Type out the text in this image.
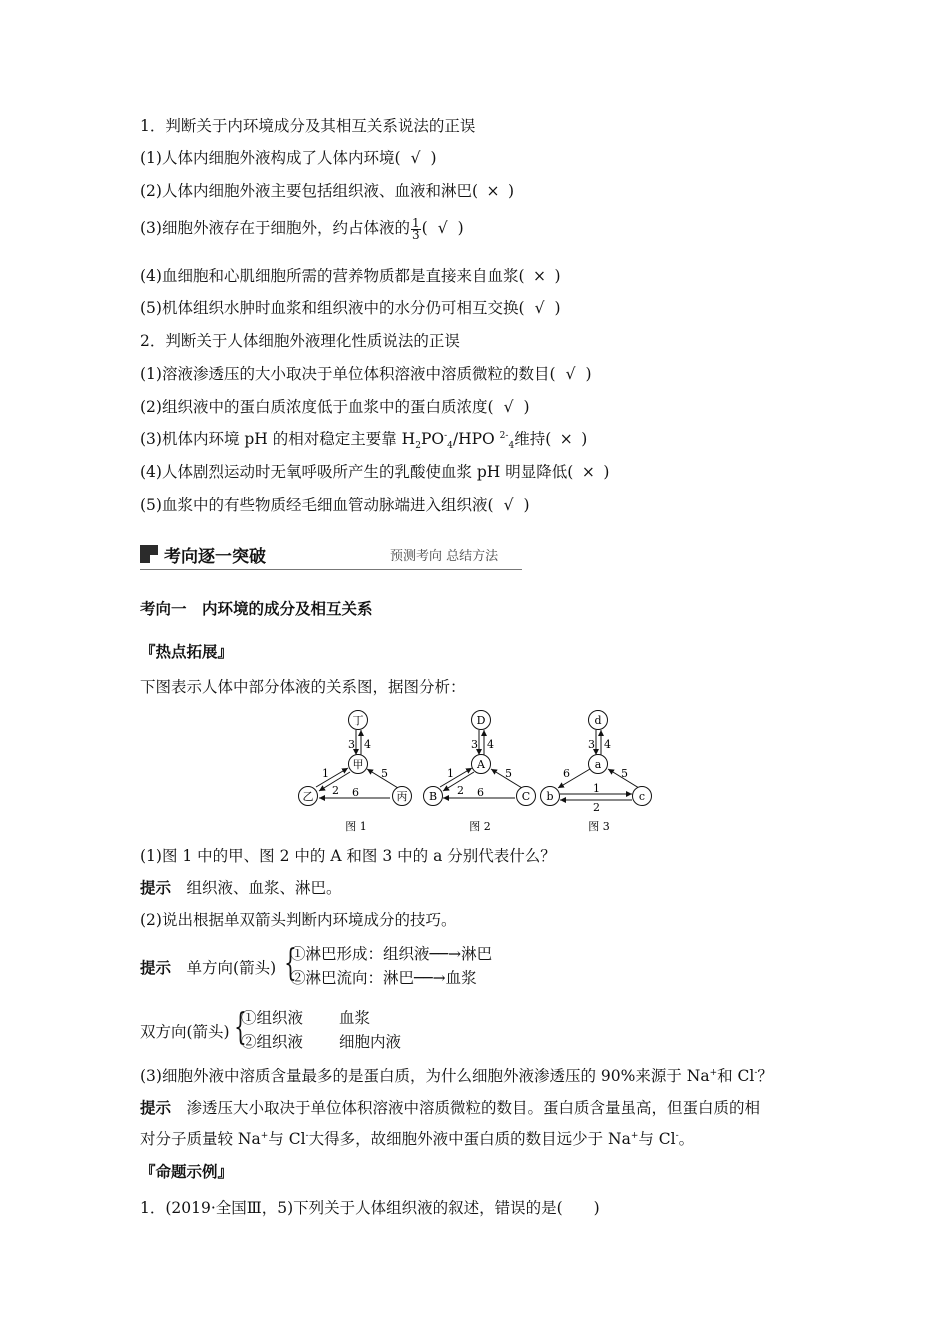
1．判断关于内环境成分及其相互关系说法的正误
(1)人体内细胞外液构成了人体内环境( √ )
(2)人体内细胞外液主要包括组织液、血液和淋巴( × )
(3)细胞外液存在于细胞外，约占体液的 $\frac{1}{3}$ ( √ )
(4)血细胞和心肌细胞所需的营养物质都是直接来自血浆( × )
(5)机体组织水肿时血浆和组织液中的水分仍可相互交换( √ )
2．判断关于人体细胞外液理化性质说法的正误
(1)溶液渗透压的大小取决于单位体积溶液中溶质微粒的数目( √ )
(2)组织液中的蛋白质浓度低于血浆中的蛋白质浓度( √ )
(3)机体内环境 pH 的相对稳定主要靠 $H_2PO^-_4$/HPO $^{2-}_4$维持( × )
(4)人体剧烈运动时无氧呼吸所产生的乳酸使血浆 pH 明显降低( × )
(5)血浆中的有些物质经毛细血管动脉端进入组织液( √ )
考向逐一突破	预测考向 总结方法
考向一　内环境的成分及相互关系
『热点拓展』
下图表示人体中部分体液的关系图，据图分析：
3 4
1
2
5
6
丁
甲
乙	丙
图 1
3 4
1
2
5
6
D
A
B	C
图 2
3 4
6	5
1
2
d
a
b	c
图 3
(1)图 1 中的甲、图 2 中的 A 和图 3 中的 a 分别代表什么？
提示　 组织液、血浆、淋巴。
(2)说出根据单双箭头判断内环境成分的技巧。
提示　 单方向(箭头) {
①淋巴形成：组织液──→淋巴
②淋巴流向：淋巴──→血浆
双方向(箭头) {
①组织液 血浆
②组织液 细胞内液
(3)细胞外液中溶质含量最多的是蛋白质，为什么细胞外液渗透压的 90%来源于 Na+和 Cl-？
提示　 渗透压大小取决于单位体积溶液中溶质微粒的数目。蛋白质含量虽高，但蛋白质的相
对分子质量较 Na+与 Cl-大得多，故细胞外液中蛋白质的数目远少于 Na+与 Cl-。
『命题示例』
1．(2019·全国Ⅲ，5)下列关于人体组织液的叙述，错误的是(　　)
